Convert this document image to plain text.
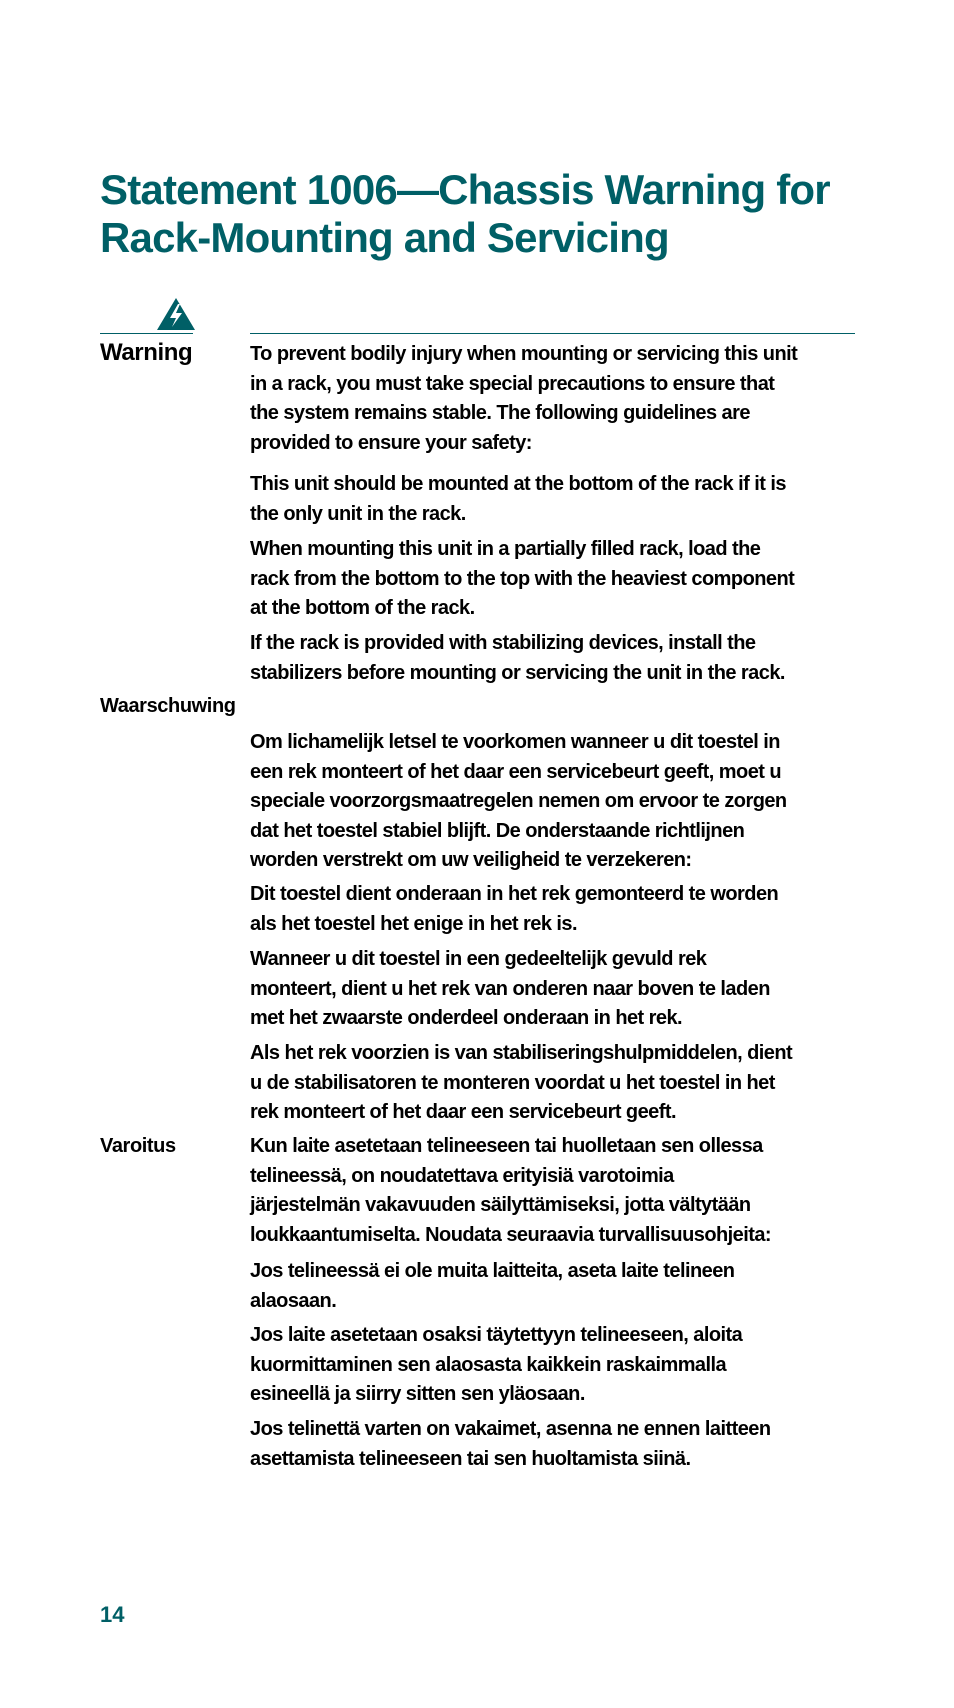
Statement 1006—Chassis Warning for
Rack-Mounting and Servicing

Warning	To prevent bodily injury when mounting or servicing this unit
in a rack, you must take special precautions to ensure that
the system remains stable. The following guidelines are
provided to ensure your safety:

This unit should be mounted at the bottom of the rack if it is
the only unit in the rack.

When mounting this unit in a partially filled rack, load the
rack from the bottom to the top with the heaviest component
at the bottom of the rack.

If the rack is provided with stabilizing devices, install the
stabilizers before mounting or servicing the unit in the rack.

Waarschuwing

Om lichamelijk letsel te voorkomen wanneer u dit toestel in
een rek monteert of het daar een servicebeurt geeft, moet u
speciale voorzorgsmaatregelen nemen om ervoor te zorgen
dat het toestel stabiel blijft. De onderstaande richtlijnen
worden verstrekt om uw veiligheid te verzekeren:

Dit toestel dient onderaan in het rek gemonteerd te worden
als het toestel het enige in het rek is.

Wanneer u dit toestel in een gedeeltelijk gevuld rek
monteert, dient u het rek van onderen naar boven te laden
met het zwaarste onderdeel onderaan in het rek.

Als het rek voorzien is van stabiliseringshulpmiddelen, dient
u de stabilisatoren te monteren voordat u het toestel in het
rek monteert of het daar een servicebeurt geeft.

Varoitus	Kun laite asetetaan telineeseen tai huolletaan sen ollessa
telineessä, on noudatettava erityisiä varotoimia
järjestelmän vakavuuden säilyttämiseksi, jotta vältytään
loukkaantumiselta. Noudata seuraavia turvallisuusohjeita:

Jos telineessä ei ole muita laitteita, aseta laite telineen
alaosaan.

Jos laite asetetaan osaksi täytettyyn telineeseen, aloita
kuormittaminen sen alaosasta kaikkein raskaimmalla
esineellä ja siirry sitten sen yläosaan.

Jos telinettä varten on vakaimet, asenna ne ennen laitteen
asettamista telineeseen tai sen huoltamista siinä.

14
